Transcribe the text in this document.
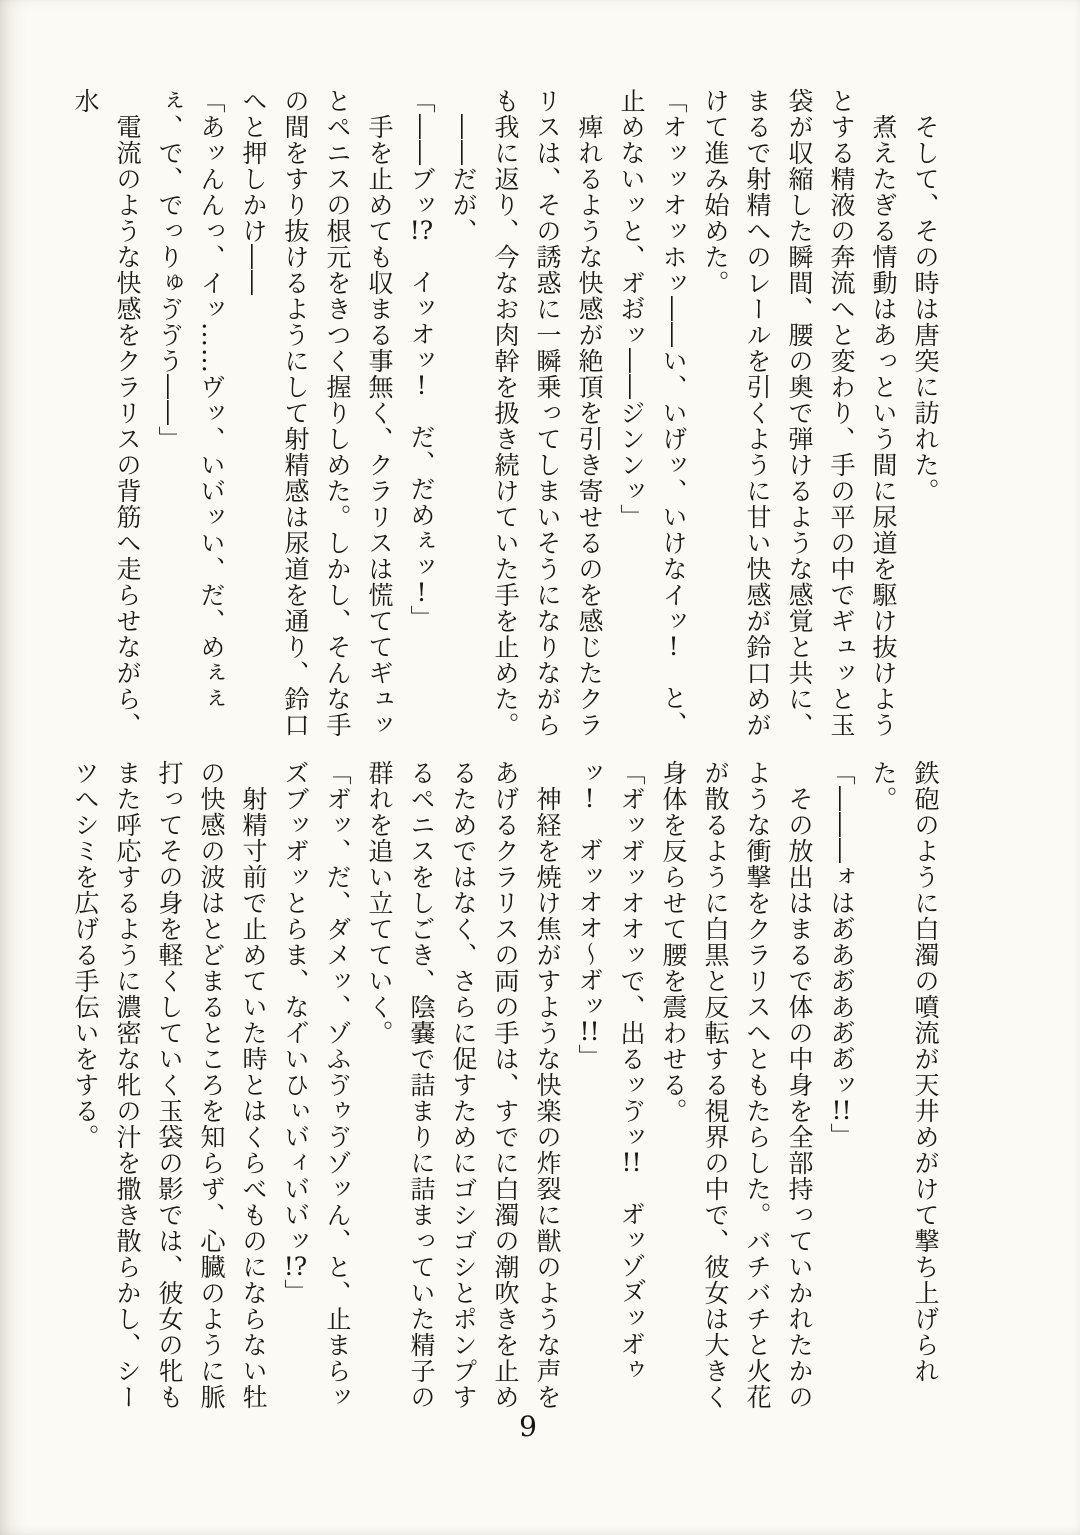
　そして、その時は唐突に訪れた。

　煮えたぎる情動はあっという間に尿道を駆け抜けようとする精液の奔流へと変わり、手の平の中でギュッと玉袋が収縮した瞬間、腰の奥で弾けるような感覚と共に、まるで射精へのレールを引くように甘い快感が鈴口めがけて進み始めた。

「オッッオッホッ――い、いげッ、いけなイッ!　と、止めないッと、オ゙お゙ッ――ジンンッ」

　痺れるような快感が絶頂を引き寄せるのを感じたクラリスは、その誘惑に一瞬乗ってしまいそうになりながらも我に返り、今なお肉幹を扱き続けていた手を止めた。

　――だが、

「――ブッ!?　イッオッ!　だ、だめぇッ!」

　手を止めても収まる事無く、クラリスは慌ててギュッとペニスの根元をきつく握りしめた。しかし、そんな手の間をすり抜けるようにして射精感は尿道を通り、鈴口へと押しかけ――

「あッんんっ、イッ……ヴッ、いい゙ッい、だ、めぇぇぇ、で、でっりゅゔゔう――」

　電流のような快感をクラリスの背筋へ走らせながら、水

鉄砲のように白濁の噴流が天井めがけて撃ち上げられた。

「―――ォはあ゙ああ゙ああ゙あ゙ッ!!」

　その放出はまるで体の中身を全部持っていかれたかのような衝撃をクラリスへともたらした。バチバチと火花が散るように白黒と反転する視界の中で、彼女は大きく身体を反らせて腰を震わせる。

「オ゙ッオ゙ッオオッで、出るッゔッ!!　オ゙ッゾヌ゙ッオ゙ゥッ!　オ゙ッオオ〜オ゙ッ!!」

　神経を焼け焦がすような快楽の炸裂に獣のような声をあげるクラリスの両の手は、すでに白濁の潮吹きを止めるためではなく、さらに促すためにゴシゴシとポンプするペニスをしごき、陰嚢で詰まりに詰まっていた精子の群れを追い立てていく。

「オ゙ッ、だ、ダメッ、ゾふゔゥゔゾッん、と、止まらッズブッオ゙ッとらま、なイ゙いひぃい゙ィい゙い゙ッ!?」

　射精寸前で止めていた時とはくらべものにならない牡の快感の波はとどまるところを知らず、心臓のように脈打ってその身を軽くしていく玉袋の影では、彼女の牝もまた呼応するように濃密な牝の汁を撒き散らかし、シーツへシミを広げる手伝いをする。

9
